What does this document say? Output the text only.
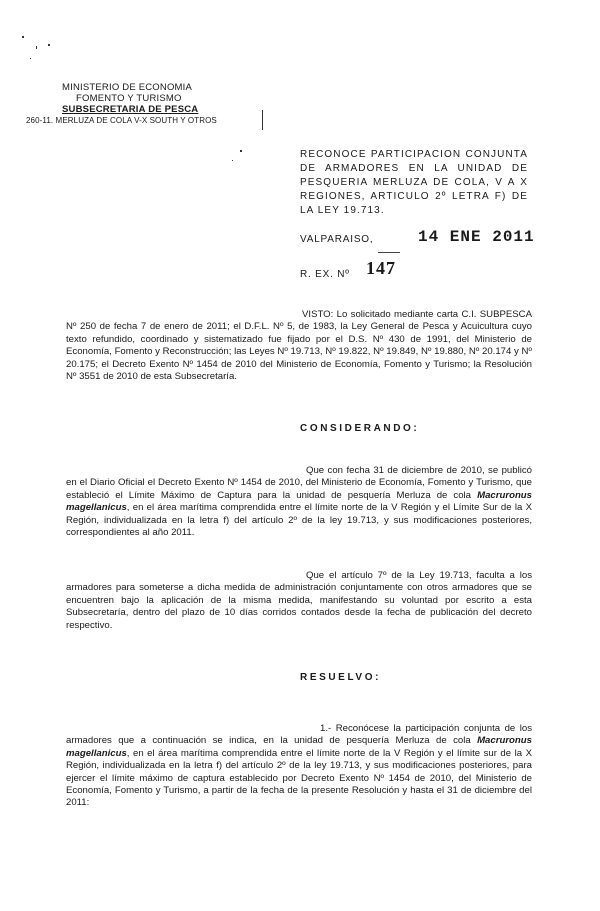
MINISTERIO DE ECONOMIA
FOMENTO Y TURISMO
SUBSECRETARIA DE PESCA
260-11. MERLUZA DE COLA V-X SOUTH Y OTROS
RECONOCE PARTICIPACION CONJUNTA DE ARMADORES EN LA UNIDAD DE PESQUERIA MERLUZA DE COLA, V A X REGIONES, ARTICULO 2º LETRA F) DE LA LEY 19.713.
VALPARAISO,	14 ENE 2011
R. EX. Nº 147
VISTO: Lo solicitado mediante carta C.I. SUBPESCA Nº 250 de fecha 7 de enero de 2011; el D.F.L. Nº 5, de 1983, la Ley General de Pesca y Acuicultura cuyo texto refundido, coordinado y sistematizado fue fijado por el D.S. Nº 430 de 1991, del Ministerio de Economía, Fomento y Reconstrucción; las Leyes Nº 19.713, Nº 19.822, Nº 19.849, Nº 19.880, Nº 20.174 y Nº 20.175; el Decreto Exento Nº 1454 de 2010 del Ministerio de Economía, Fomento y Turismo; la Resolución Nº 3551 de 2010 de esta Subsecretaría.
CONSIDERANDO:
Que con fecha 31 de diciembre de 2010, se publicó en el Diario Oficial el Decreto Exento Nº 1454 de 2010, del Ministerio de Economía, Fomento y Turismo, que estableció el Límite Máximo de Captura para la unidad de pesquería Merluza de cola Macruronus magellanicus, en el área marítima comprendida entre el límite norte de la V Región y el Límite Sur de la X Región, individualizada en la letra f) del artículo 2º de la ley 19.713, y sus modificaciones posteriores, correspondientes al año 2011.
Que el artículo 7º de la Ley 19.713, faculta a los armadores para someterse a dicha medida de administración conjuntamente con otros armadores que se encuentren bajo la aplicación de la misma medida, manifestando su voluntad por escrito a esta Subsecretaría, dentro del plazo de 10 días corridos contados desde la fecha de publicación del decreto respectivo.
RESUELVO:
1.- Reconócese la participación conjunta de los armadores que a continuación se indica, en la unidad de pesquería Merluza de cola Macruronus magellanicus, en el área marítima comprendida entre el límite norte de la V Región y el límite sur de la X Región, individualizada en la letra f) del artículo 2º de la ley 19.713, y sus modificaciones posteriores, para ejercer el límite máximo de captura establecido por Decreto Exento Nº 1454 de 2010, del Ministerio de Economía, Fomento y Turismo, a partir de la fecha de la presente Resolución y hasta el 31 de diciembre del 2011:
